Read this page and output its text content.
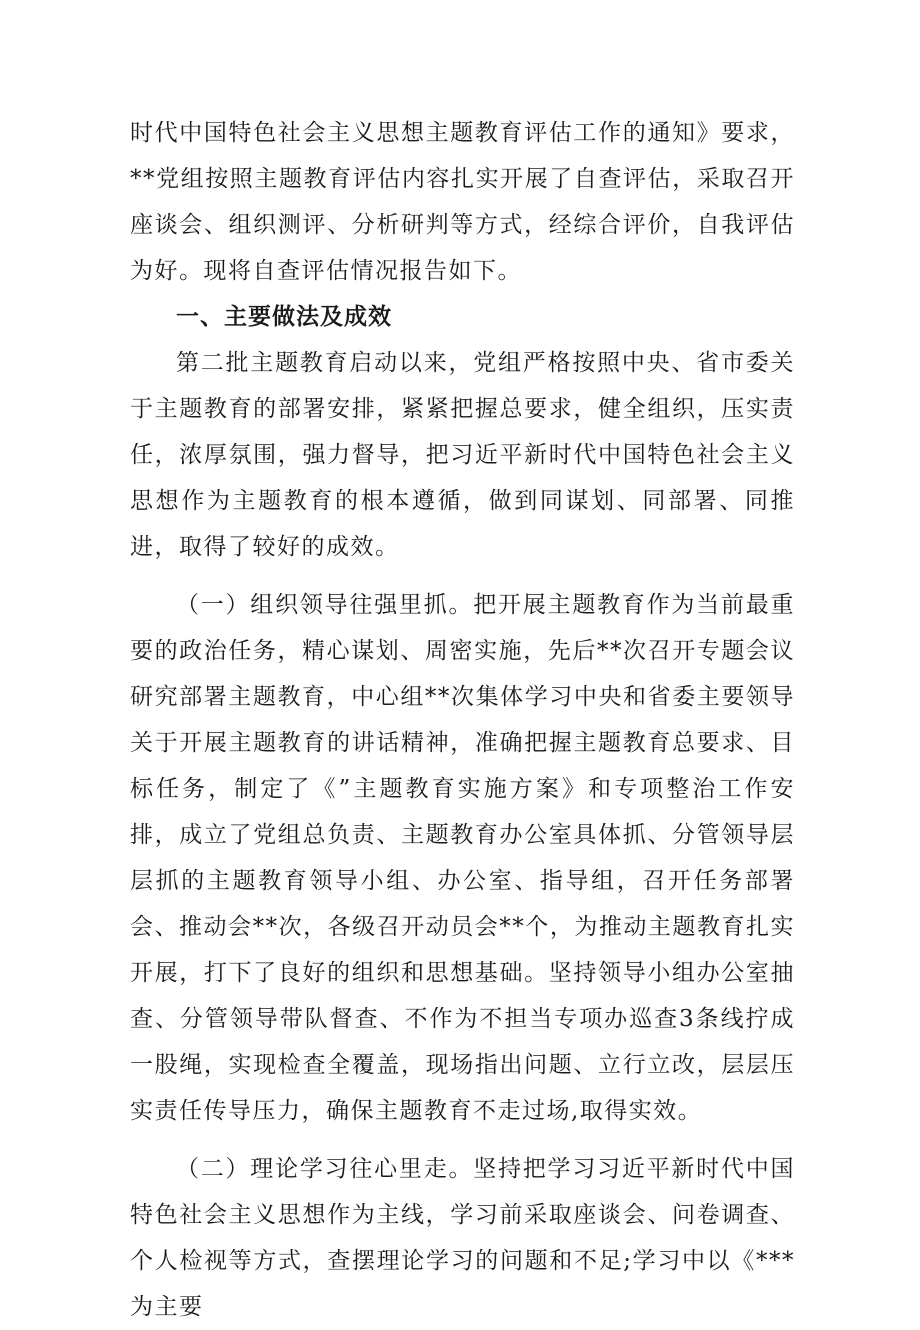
时代中国特色社会主义思想主题教育评估工作的通知》要求，**党组按照主题教育评估内容扎实开展了自查评估，采取召开座谈会、组织测评、分析研判等方式，经综合评价，自我评估为好。现将自查评估情况报告如下。

一、主要做法及成效

第二批主题教育启动以来，党组严格按照中央、省市委关于主题教育的部署安排，紧紧把握总要求，健全组织，压实责任，浓厚氛围，强力督导，把习近平新时代中国特色社会主义思想作为主题教育的根本遵循，做到同谋划、同部署、同推进，取得了较好的成效。

（一）组织领导往强里抓。把开展主题教育作为当前最重要的政治任务，精心谋划、周密实施，先后**次召开专题会议研究部署主题教育，中心组**次集体学习中央和省委主要领导关于开展主题教育的讲话精神，准确把握主题教育总要求、目标任务，制定了《”主题教育实施方案》和专项整治工作安排，成立了党组总负责、主题教育办公室具体抓、分管领导层层抓的主题教育领导小组、办公室、指导组，召开任务部署会、推动会**次，各级召开动员会**个，为推动主题教育扎实开展，打下了良好的组织和思想基础。坚持领导小组办公室抽查、分管领导带队督查、不作为不担当专项办巡查3条线拧成一股绳，实现检查全覆盖，现场指出问题、立行立改，层层压实责任传导压力，确保主题教育不走过场,取得实效。

（二）理论学习往心里走。坚持把学习习近平新时代中国特色社会主义思想作为主线，学习前采取座谈会、问卷调查、个人检视等方式，查摆理论学习的问题和不足;学习中以《***为主要
